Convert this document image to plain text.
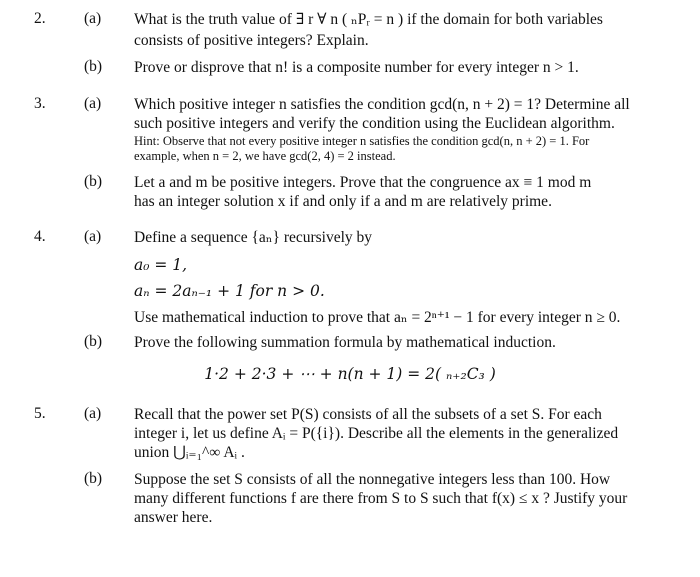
2. (a) What is the truth value of ∃ r ∀ n ( ₙPᵣ = n ) if the domain for both variables
consists of positive integers? Explain.
(b) Prove or disprove that n! is a composite number for every integer n > 1.
3. (a) Which positive integer n satisfies the condition gcd(n, n + 2) = 1? Determine all
such positive integers and verify the condition using the Euclidean algorithm.
Hint: Observe that not every positive integer n satisfies the condition gcd(n, n + 2) = 1. For
example, when n = 2, we have gcd(2, 4) = 2 instead.
(b) Let a and m be positive integers. Prove that the congruence ax ≡ 1 mod m
has an integer solution x if and only if a and m are relatively prime.
4. (a) Define a sequence {aₙ} recursively by
a₀ = 1,
aₙ = 2aₙ₋₁ + 1 for n > 0.
Use mathematical induction to prove that aₙ = 2ⁿ⁺¹ − 1 for every integer n ≥ 0.
(b) Prove the following summation formula by mathematical induction.
1·2 + 2·3 + ⋯ + n(n + 1) = 2( ₙ₊₂C₃ )
5. (a) Recall that the power set P(S) consists of all the subsets of a set S. For each
integer i, let us define Aᵢ = P({i}). Describe all the elements in the generalized
union ⋃ᵢ₌₁^∞ Aᵢ .
(b) Suppose the set S consists of all the nonnegative integers less than 100. How
many different functions f are there from S to S such that f(x) ≤ x ? Justify your
answer here.
